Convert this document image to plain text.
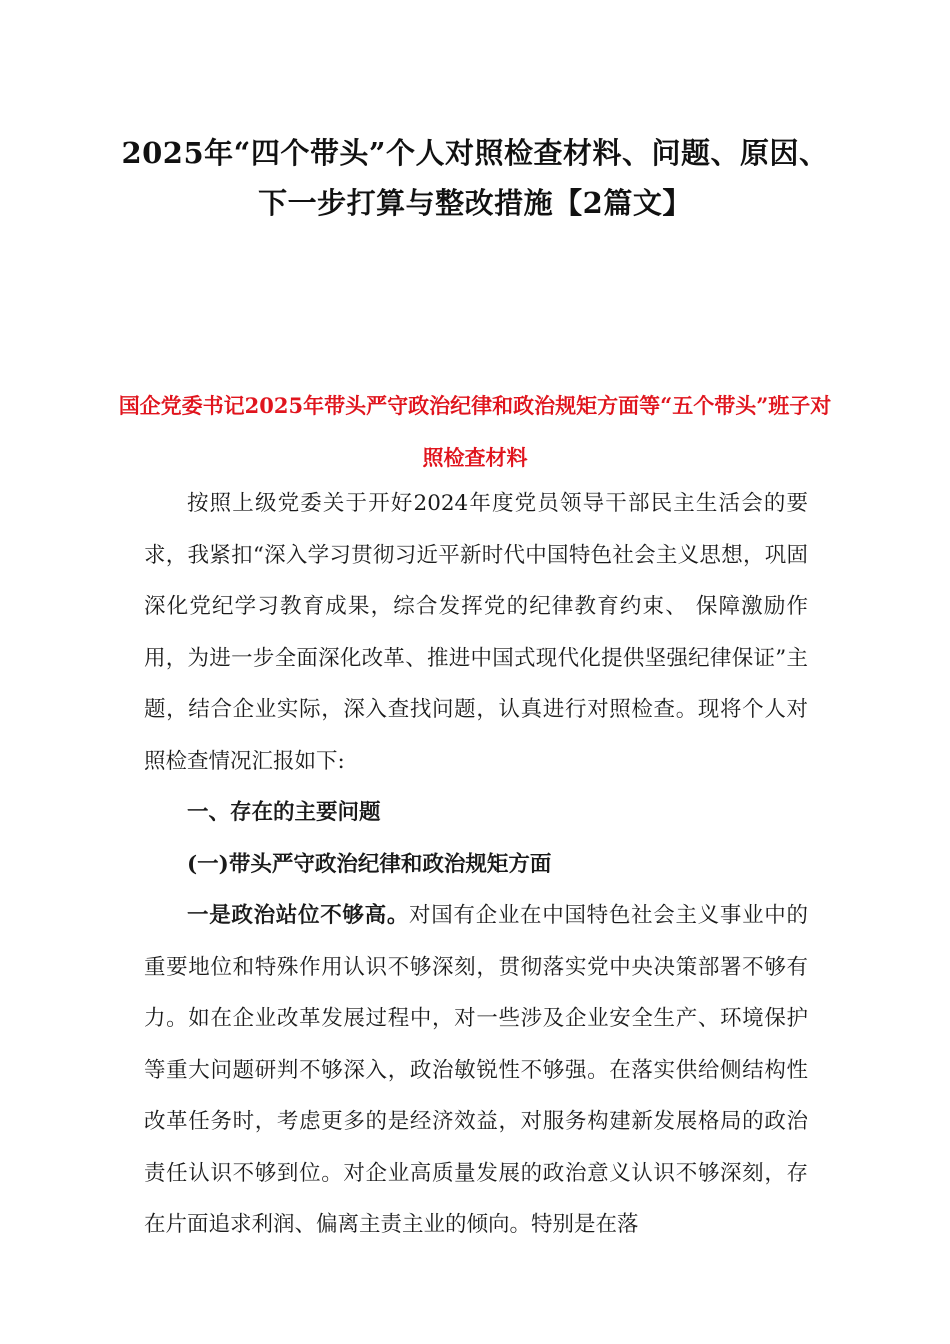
2025年“四个带头”个人对照检查材料、问题、原因、下一步打算与整改措施【2篇文】
国企党委书记2025年带头严守政治纪律和政治规矩方面等“五个带头”班子对照检查材料

按照上级党委关于开好2024年度党员领导干部民主生活会的要求，我紧扣“深入学习贯彻习近平新时代中国特色社会主义思想，巩固深化党纪学习教育成果，综合发挥党的纪律教育约束、 保障激励作用，为进一步全面深化改革、推进中国式现代化提供坚强纪律保证”主题，结合企业实际，深入查找问题，认真进行对照检查。现将个人对照检查情况汇报如下:

一、存在的主要问题

(一)带头严守政治纪律和政治规矩方面

一是政治站位不够高。对国有企业在中国特色社会主义事业中的重要地位和特殊作用认识不够深刻，贯彻落实党中央决策部署不够有力。如在企业改革发展过程中，对一些涉及企业安全生产、环境保护等重大问题研判不够深入，政治敏锐性不够强。在落实供给侧结构性改革任务时，考虑更多的是经济效益，对服务构建新发展格局的政治责任认识不够到位。对企业高质量发展的政治意义认识不够深刻，存在片面追求利润、偏离主责主业的倾向。特别是在落
